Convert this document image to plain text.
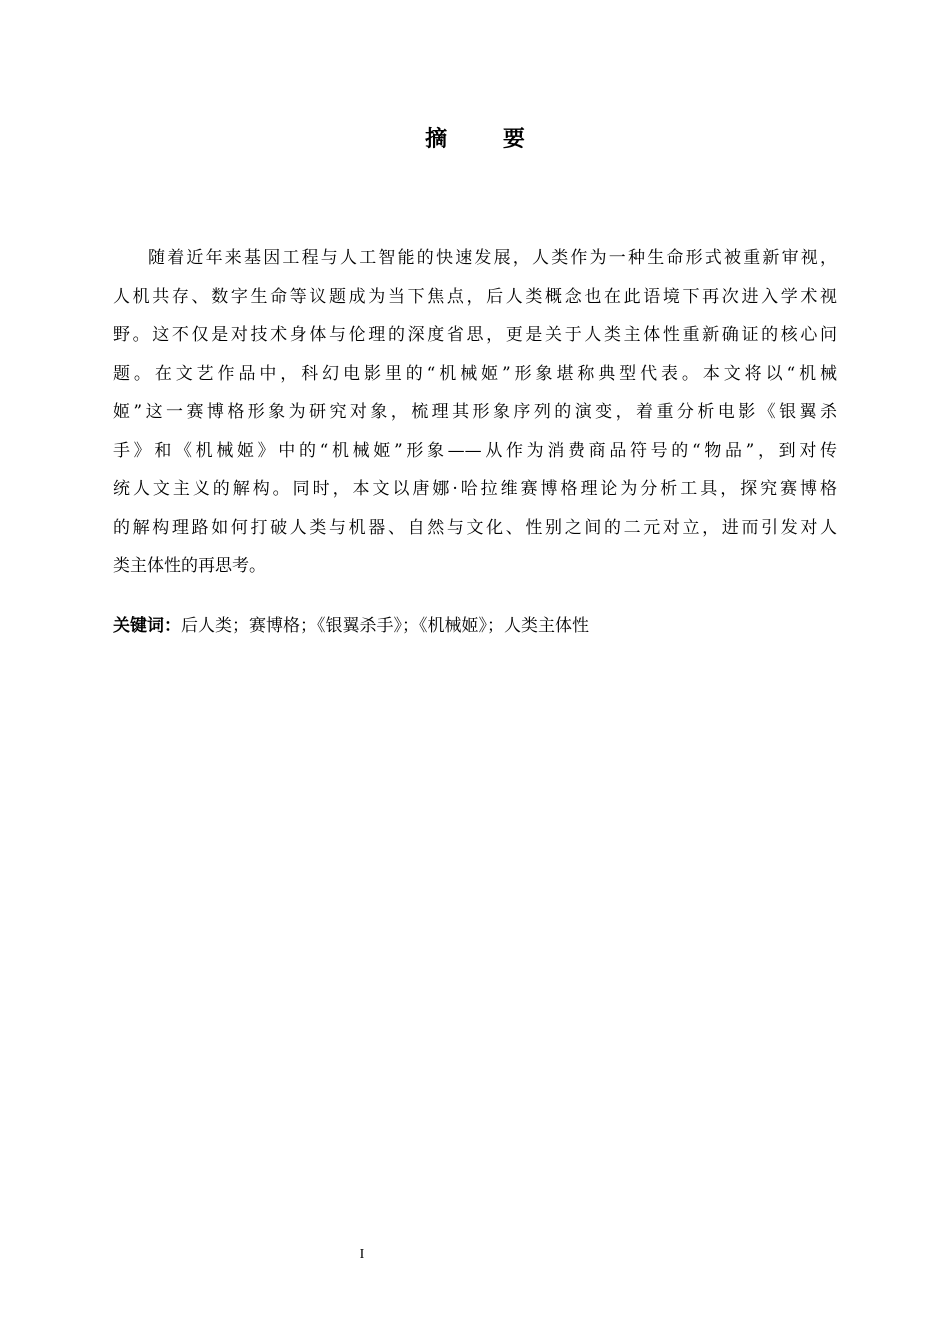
摘 要
随着近年来基因工程与人工智能的快速发展，人类作为一种生命形式被重新审视，
人机共存、数字生命等议题成为当下焦点，后人类概念也在此语境下再次进入学术视
野。这不仅是对技术身体与伦理的深度省思，更是关于人类主体性重新确证的核心问
题。在文艺作品中，科幻电影里的“机械姬”形象堪称典型代表。本文将以“机械
姬”这一赛博格形象为研究对象，梳理其形象序列的演变，着重分析电影《银翼杀
手》和《机械姬》中的“机械姬”形象——从作为消费商品符号的“物品”，到对传
统人文主义的解构。同时，本文以唐娜·哈拉维赛博格理论为分析工具，探究赛博格
的解构理路如何打破人类与机器、自然与文化、性别之间的二元对立，进而引发对人
类主体性的再思考。
关键词：后人类；赛博格；《银翼杀手》；《机械姬》；人类主体性
I
